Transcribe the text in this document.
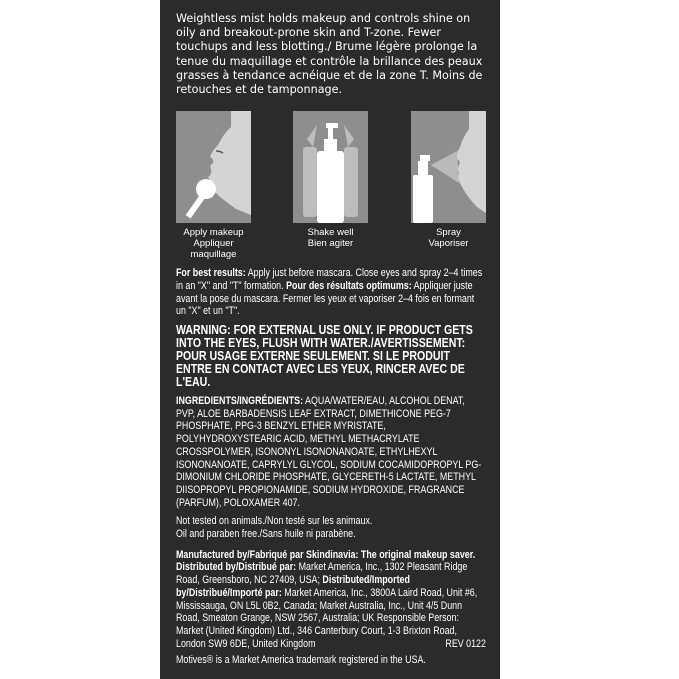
Weightless mist holds makeup and controls shine on oily and breakout-prone skin and T-zone. Fewer touchups and less blotting./ Brume légère prolonge la tenue du maquillage et contrôle la brillance des peaux grasses à tendance acnéique et de la zone T. Moins de retouches et de tamponnage.

Apply makeup
Appliquer maquillage
Shake well
Bien agiter
Spray
Vaporiser
For best results: Apply just before mascara. Close eyes and spray 2–4 times in an "X" and "T" formation. Pour des résultats optimums: Appliquer juste avant la pose du mascara. Fermer les yeux et vaporiser 2–4 fois en formant un "X" et un "T".
WARNING: FOR EXTERNAL USE ONLY. IF PRODUCT GETS INTO THE EYES, FLUSH WITH WATER./AVERTISSEMENT: POUR USAGE EXTERNE SEULEMENT. SI LE PRODUIT ENTRE EN CONTACT AVEC LES YEUX, RINCER AVEC DE L'EAU.
INGREDIENTS/INGRÉDIENTS: AQUA/WATER/EAU, ALCOHOL DENAT, PVP, ALOE BARBADENSIS LEAF EXTRACT, DIMETHICONE PEG-7 PHOSPHATE, PPG-3 BENZYL ETHER MYRISTATE, POLYHYDROXYSTEARIC ACID, METHYL METHACRYLATE CROSSPOLYMER, ISONONYL ISONONANOATE, ETHYLHEXYL ISONONANOATE, CAPRYLYL GLYCOL, SODIUM COCAMIDOPROPYL PG-DIMONIUM CHLORIDE PHOSPHATE, GLYCERETH-5 LACTATE, METHYL DIISOPROPYL PROPIONAMIDE, SODIUM HYDROXIDE, FRAGRANCE (PARFUM), POLOXAMER 407.
Not tested on animals./Non testé sur les animaux.
Oil and paraben free./Sans huile ni parabène.
Manufactured by/Fabriqué par Skindinavia: The original makeup saver.
Distributed by/Distribué par: Market America, Inc., 1302 Pleasant Ridge Road, Greensboro, NC 27409, USA; Distributed/Imported by/Distribué/Importé par: Market America, Inc., 3800A Laird Road, Unit #6, Mississauga, ON L5L 0B2, Canada; Market Australia, Inc., Unit 4/5 Dunn Road, Smeaton Grange, NSW 2567, Australia; UK Responsible Person: Market (United Kingdom) Ltd., 346 Canterbury Court, 1-3 Brixton Road, London SW9 6DE, United Kingdom	REV 0122
Motives® is a Market America trademark registered in the USA.
